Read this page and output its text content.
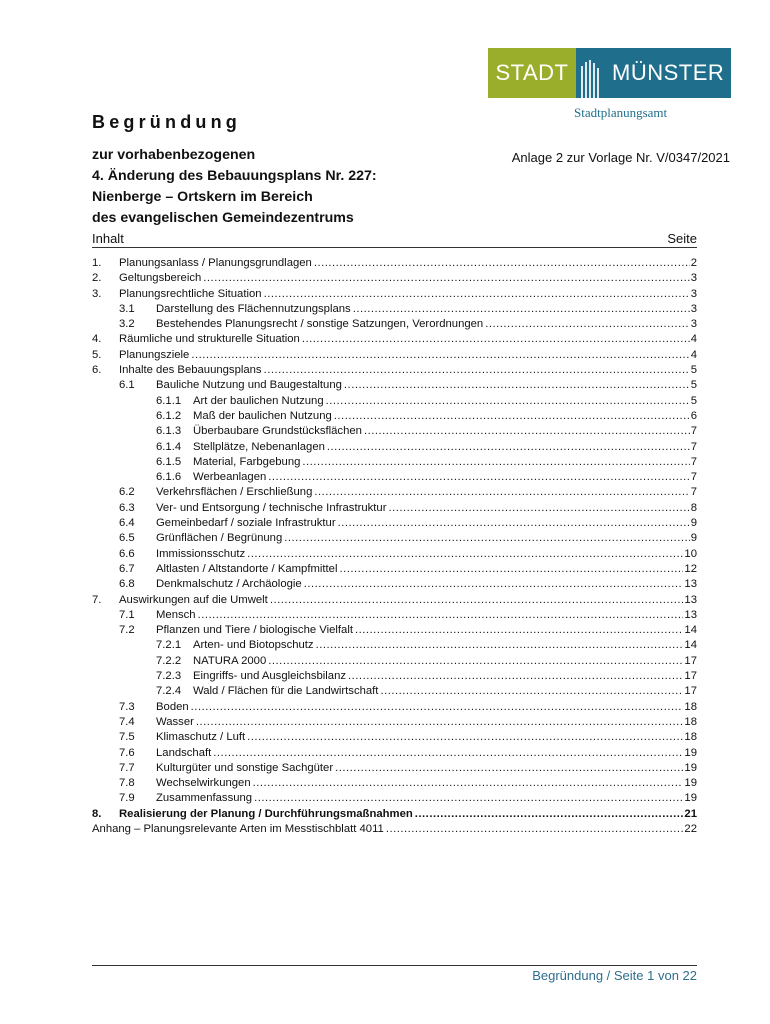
STADT	MÜNSTER
Stadtplanungsamt
Begründung
zur vorhabenbezogenen
4. Änderung des Bebauungsplans Nr. 227:
Nienberge – Ortskern im Bereich
des evangelischen Gemeindezentrums
Anlage 2 zur Vorlage Nr. V/0347/2021
Inhalt	Seite
1. Planungsanlass / Planungsgrundlagen .....	2
2. Geltungsbereich .....	3
3. Planungsrechtliche Situation .....	3
3.1 Darstellung des Flächennutzungsplans .....	3
3.2 Bestehendes Planungsrecht / sonstige Satzungen, Verordnungen .....	3
4. Räumliche und strukturelle Situation .....	4
5. Planungsziele .....	4
6. Inhalte des Bebauungsplans .....	5
6.1 Bauliche Nutzung und Baugestaltung .....	5
6.1.1 Art der baulichen Nutzung .....	5
6.1.2 Maß der baulichen Nutzung .....	6
6.1.3 Überbaubare Grundstücksflächen .....	7
6.1.4 Stellplätze, Nebenanlagen .....	7
6.1.5 Material, Farbgebung .....	7
6.1.6 Werbeanlagen .....	7
6.2 Verkehrsflächen / Erschließung .....	7
6.3 Ver- und Entsorgung / technische Infrastruktur .....	8
6.4 Gemeinbedarf / soziale Infrastruktur .....	9
6.5 Grünflächen / Begrünung .....	9
6.6 Immissionsschutz .....	10
6.7 Altlasten / Altstandorte / Kampfmittel .....	12
6.8 Denkmalschutz / Archäologie .....	13
7. Auswirkungen auf die Umwelt .....	13
7.1 Mensch .....	13
7.2 Pflanzen und Tiere / biologische Vielfalt .....	14
7.2.1 Arten- und Biotopschutz .....	14
7.2.2 NATURA 2000 .....	17
7.2.3 Eingriffs- und Ausgleichsbilanz .....	17
7.2.4 Wald / Flächen für die Landwirtschaft .....	17
7.3 Boden .....	18
7.4 Wasser .....	18
7.5 Klimaschutz / Luft .....	18
7.6 Landschaft .....	19
7.7 Kulturgüter und sonstige Sachgüter .....	19
7.8 Wechselwirkungen .....	19
7.9 Zusammenfassung .....	19
8. Realisierung der Planung / Durchführungsmaßnahmen .....	21
Anhang – Planungsrelevante Arten im Messtischblatt 4011 .....	22
Begründung / Seite 1 von 22
